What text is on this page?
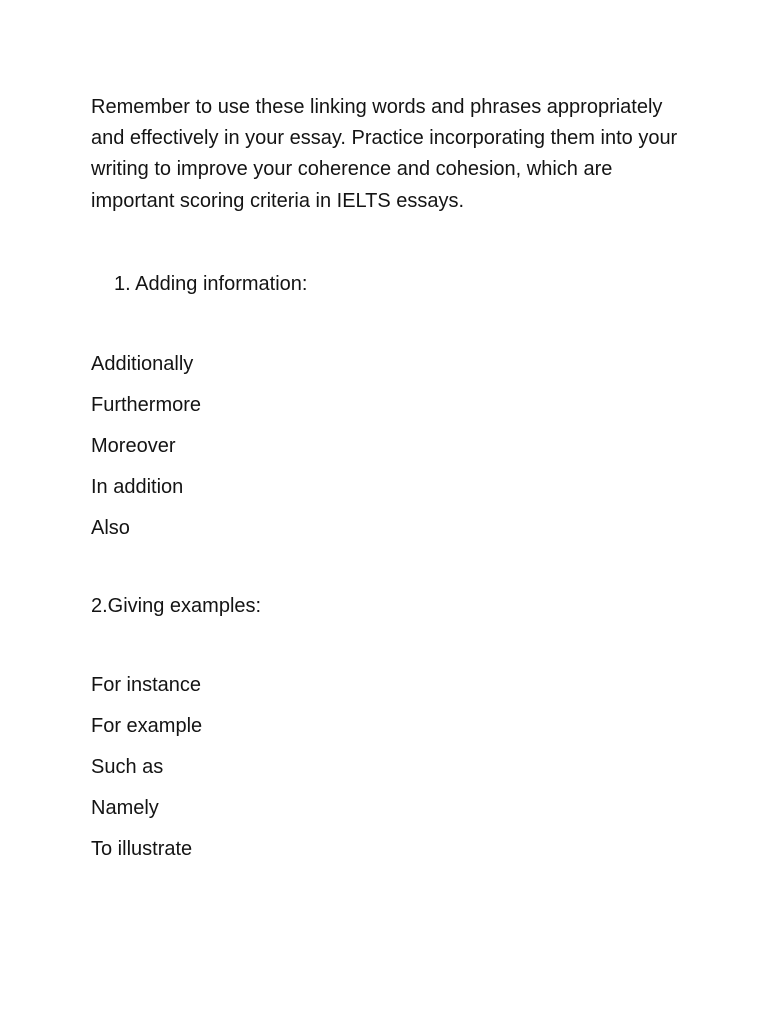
Remember to use these linking words and phrases appropriately and effectively in your essay. Practice incorporating them into your writing to improve your coherence and cohesion, which are important scoring criteria in IELTS essays.

1. Adding information:

Additionally
Furthermore
Moreover
In addition
Also

2.Giving examples:

For instance
For example
Such as
Namely
To illustrate
